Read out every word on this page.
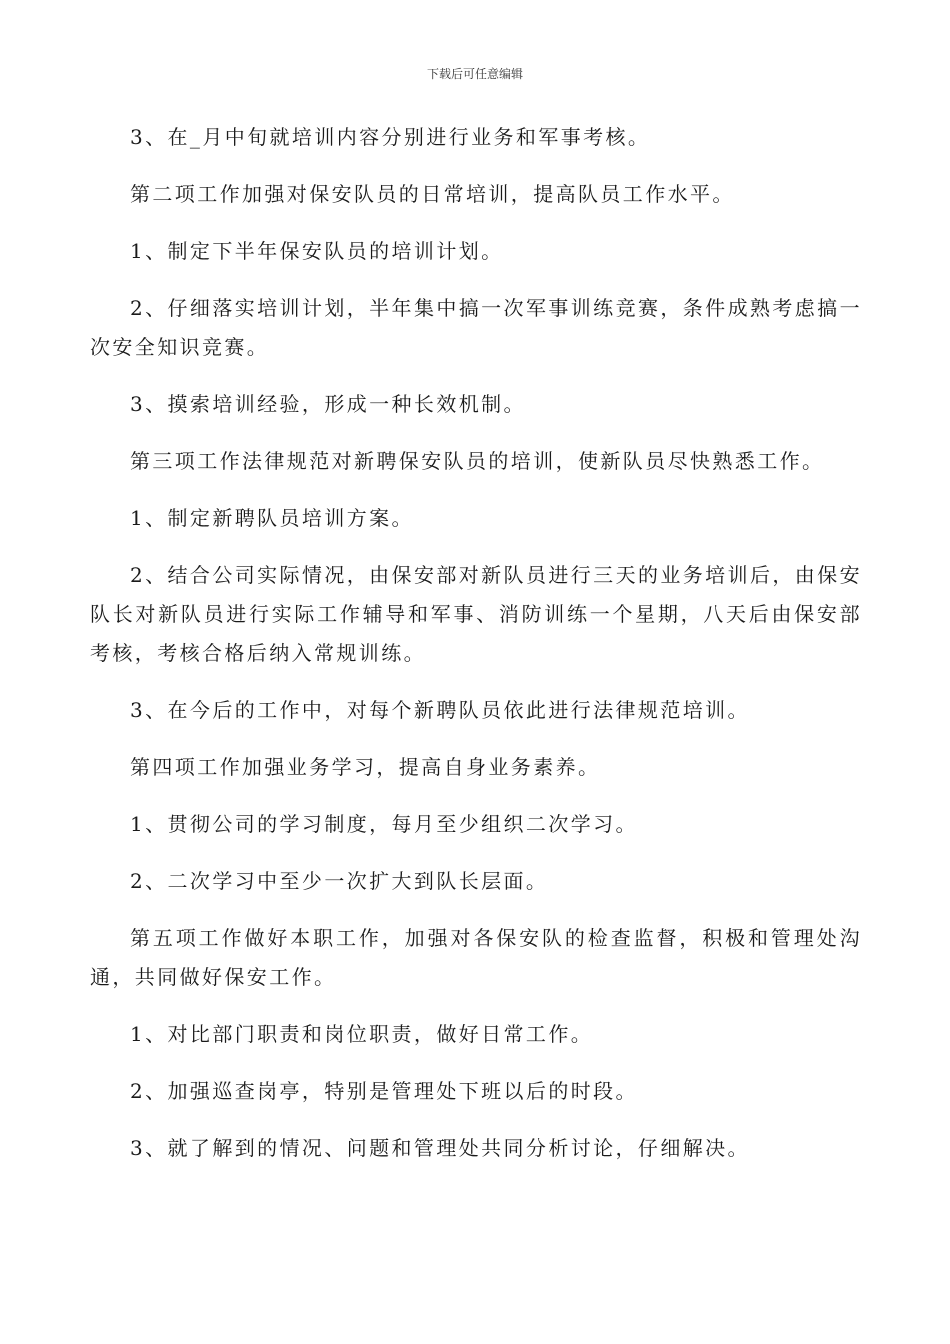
下载后可任意编辑

3、在_月中旬就培训内容分别进行业务和军事考核。

第二项工作加强对保安队员的日常培训，提高队员工作水平。

1、制定下半年保安队员的培训计划。

2、仔细落实培训计划，半年集中搞一次军事训练竞赛，条件成熟考虑搞一次安全知识竞赛。

3、摸索培训经验，形成一种长效机制。

第三项工作法律规范对新聘保安队员的培训，使新队员尽快熟悉工作。

1、制定新聘队员培训方案。

2、结合公司实际情况，由保安部对新队员进行三天的业务培训后，由保安队长对新队员进行实际工作辅导和军事、消防训练一个星期，八天后由保安部考核，考核合格后纳入常规训练。

3、在今后的工作中，对每个新聘队员依此进行法律规范培训。

第四项工作加强业务学习，提高自身业务素养。

1、贯彻公司的学习制度，每月至少组织二次学习。

2、二次学习中至少一次扩大到队长层面。

第五项工作做好本职工作，加强对各保安队的检查监督，积极和管理处沟通，共同做好保安工作。

1、对比部门职责和岗位职责，做好日常工作。

2、加强巡查岗亭，特别是管理处下班以后的时段。

3、就了解到的情况、问题和管理处共同分析讨论，仔细解决。
